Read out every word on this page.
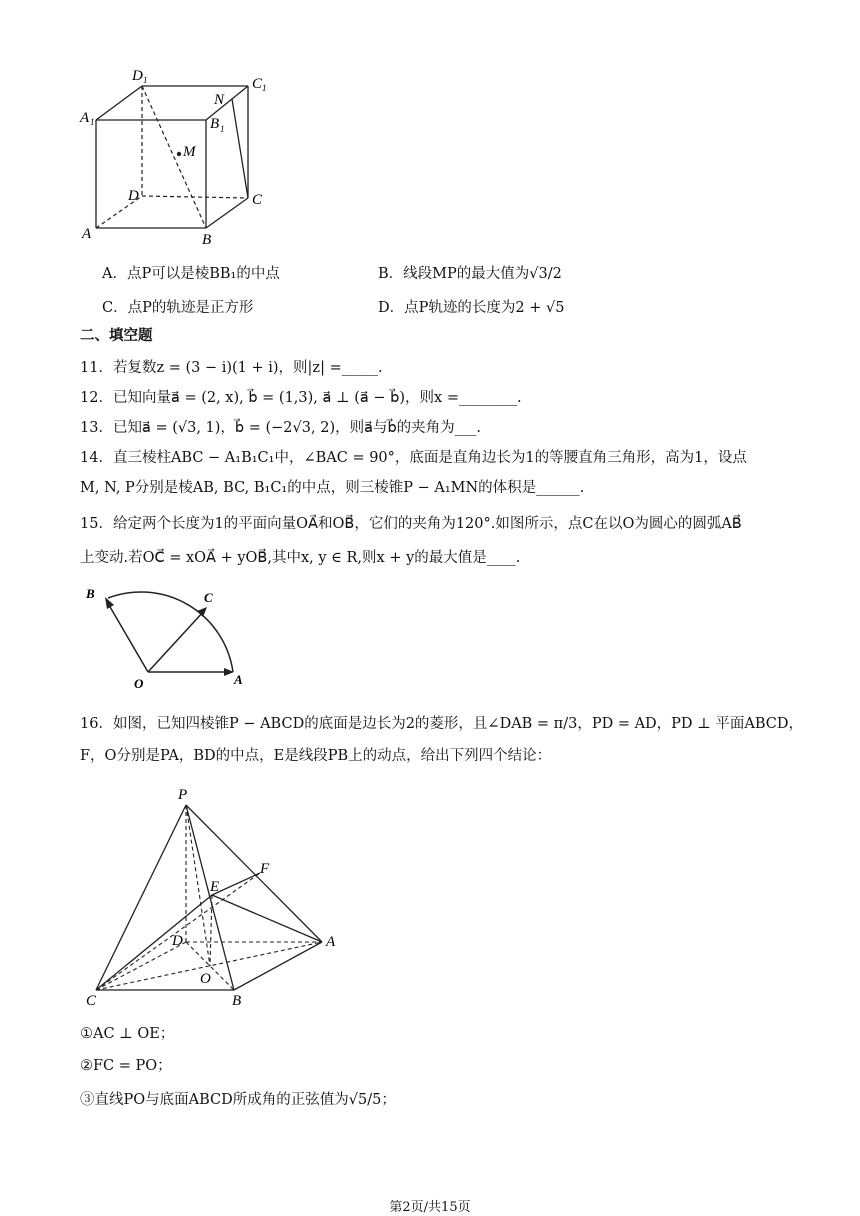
D 1	C 1
A 1
N
B 1
M
D	C
A	B
A．点P可以是棱BB₁的中点	B．线段MP的最大值为√3/2
C．点P的轨迹是正方形	D．点P轨迹的长度为2 + √5
二、填空题
11．若复数z = (3 − i)(1 + i)，则|z| =_____.
12．已知向量a⃗ = (2, x), b⃗ = (1,3), a⃗ ⊥ (a⃗ − b⃗)，则x =________.
13．已知a⃗ = (√3, 1)，b⃗ = (−2√3, 2)，则a⃗与b⃗的夹角为___.
14．直三棱柱ABC − A₁B₁C₁中，∠BAC = 90°，底面是直角边长为1的等腰直角三角形，高为1，设点
M, N, P分别是棱AB, BC, B₁C₁的中点，则三棱锥P − A₁MN的体积是______.
15．给定两个长度为1的平面向量OA⃗和OB⃗，它们的夹角为120°.如图所示，点C在以O为圆心的圆弧AB⃗
上变动.若OC⃗ = xOA⃗ + yOB⃗,其中x, y ∈ R,则x + y的最大值是____.
B	C
O	A
16．如图，已知四棱锥P − ABCD的底面是边长为2的菱形，且∠DAB = π/3，PD = AD，PD ⊥ 平面ABCD，
F，O分别是PA，BD的中点，E是线段PB上的动点，给出下列四个结论：
P
F
E
D	A
O
C	B
①AC ⊥ OE；
②FC = PO；
③直线PO与底面ABCD所成角的正弦值为√5/5；
第2页/共15页
